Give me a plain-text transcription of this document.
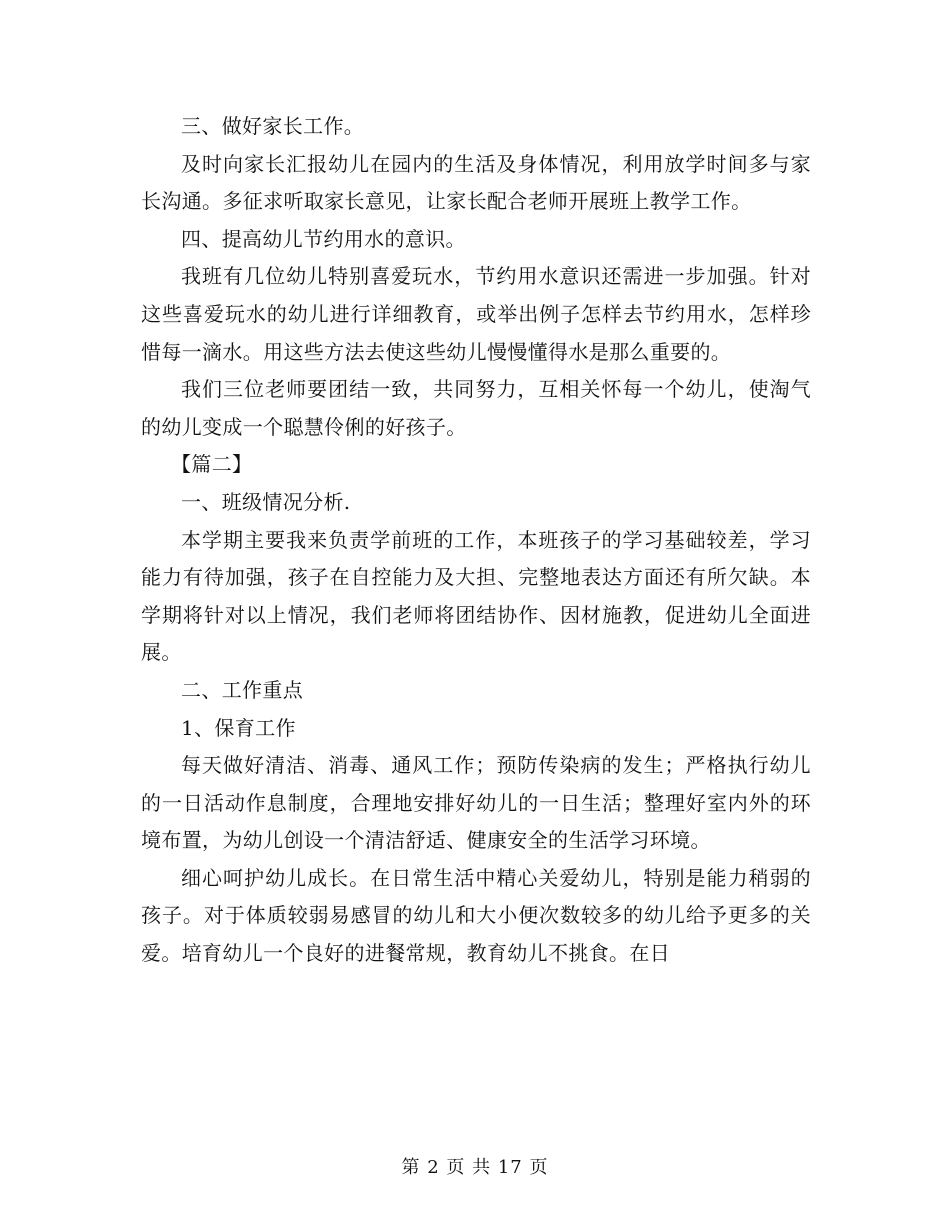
三、做好家长工作。

及时向家长汇报幼儿在园内的生活及身体情况，利用放学时间多与家长沟通。多征求听取家长意见，让家长配合老师开展班上教学工作。

四、提高幼儿节约用水的意识。

我班有几位幼儿特别喜爱玩水，节约用水意识还需进一步加强。针对这些喜爱玩水的幼儿进行详细教育，或举出例子怎样去节约用水，怎样珍惜每一滴水。用这些方法去使这些幼儿慢慢懂得水是那么重要的。

我们三位老师要团结一致，共同努力，互相关怀每一个幼儿，使淘气的幼儿变成一个聪慧伶俐的好孩子。

【篇二】

一、班级情况分析.

本学期主要我来负责学前班的工作，本班孩子的学习基础较差，学习能力有待加强，孩子在自控能力及大担、完整地表达方面还有所欠缺。本学期将针对以上情况，我们老师将团结协作、因材施教，促进幼儿全面进展。

二、工作重点

1、保育工作

每天做好清洁、消毒、通风工作；预防传染病的发生；严格执行幼儿的一日活动作息制度，合理地安排好幼儿的一日生活；整理好室内外的环境布置，为幼儿创设一个清洁舒适、健康安全的生活学习环境。

细心呵护幼儿成长。在日常生活中精心关爱幼儿，特别是能力稍弱的孩子。对于体质较弱易感冒的幼儿和大小便次数较多的幼儿给予更多的关爱。培育幼儿一个良好的进餐常规，教育幼儿不挑食。在日

第 2 页 共 17 页
